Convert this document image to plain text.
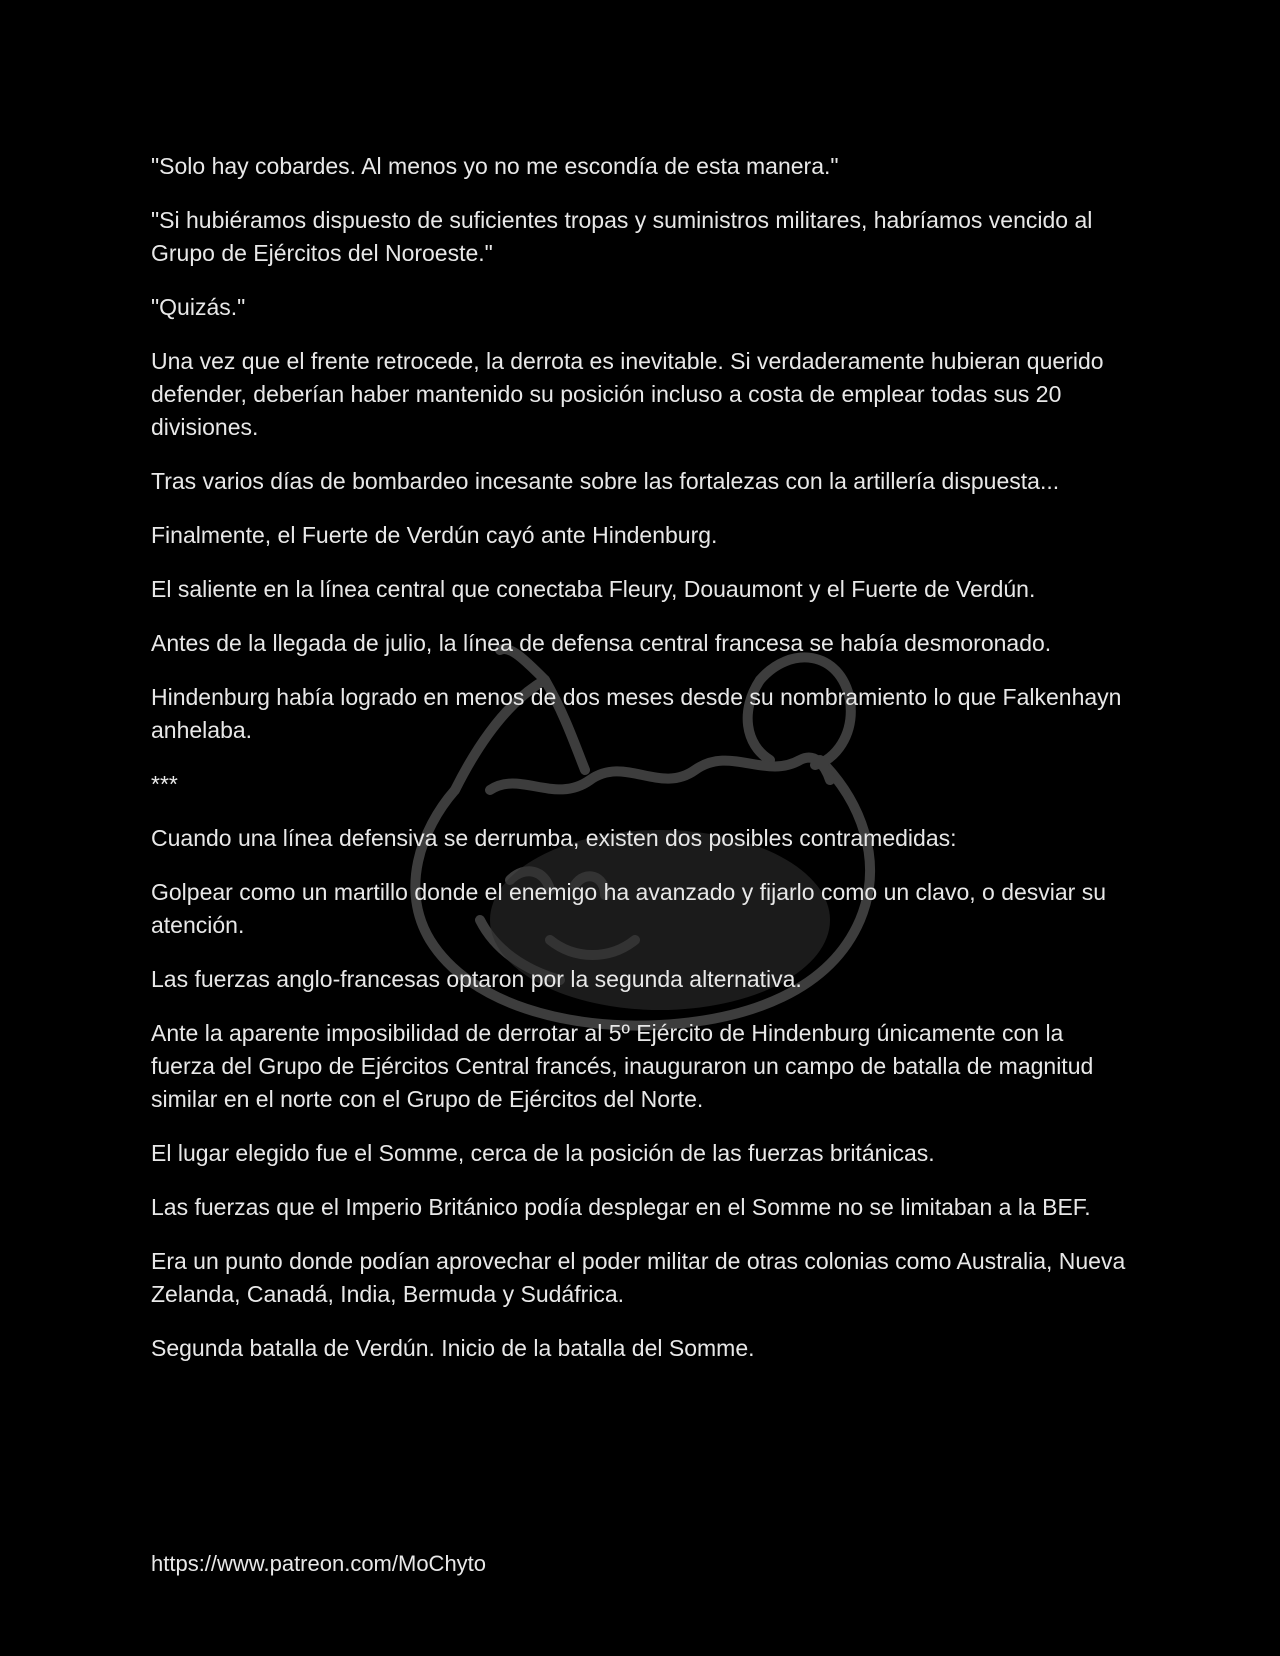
"Solo hay cobardes. Al menos yo no me escondía de esta manera."

"Si hubiéramos dispuesto de suficientes tropas y suministros militares, habríamos vencido al Grupo de Ejércitos del Noroeste."

"Quizás."

Una vez que el frente retrocede, la derrota es inevitable. Si verdaderamente hubieran querido defender, deberían haber mantenido su posición incluso a costa de emplear todas sus 20 divisiones.

Tras varios días de bombardeo incesante sobre las fortalezas con la artillería dispuesta...

Finalmente, el Fuerte de Verdún cayó ante Hindenburg.

El saliente en la línea central que conectaba Fleury, Douaumont y el Fuerte de Verdún.

Antes de la llegada de julio, la línea de defensa central francesa se había desmoronado.

Hindenburg había logrado en menos de dos meses desde su nombramiento lo que Falkenhayn anhelaba.

***

Cuando una línea defensiva se derrumba, existen dos posibles contramedidas:

Golpear como un martillo donde el enemigo ha avanzado y fijarlo como un clavo, o desviar su atención.

Las fuerzas anglo-francesas optaron por la segunda alternativa.

Ante la aparente imposibilidad de derrotar al 5º Ejército de Hindenburg únicamente con la fuerza del Grupo de Ejércitos Central francés, inauguraron un campo de batalla de magnitud similar en el norte con el Grupo de Ejércitos del Norte.

El lugar elegido fue el Somme, cerca de la posición de las fuerzas británicas.

Las fuerzas que el Imperio Británico podía desplegar en el Somme no se limitaban a la BEF.

Era un punto donde podían aprovechar el poder militar de otras colonias como Australia, Nueva Zelanda, Canadá, India, Bermuda y Sudáfrica.

Segunda batalla de Verdún. Inicio de la batalla del Somme.

https://www.patreon.com/MoChyto
